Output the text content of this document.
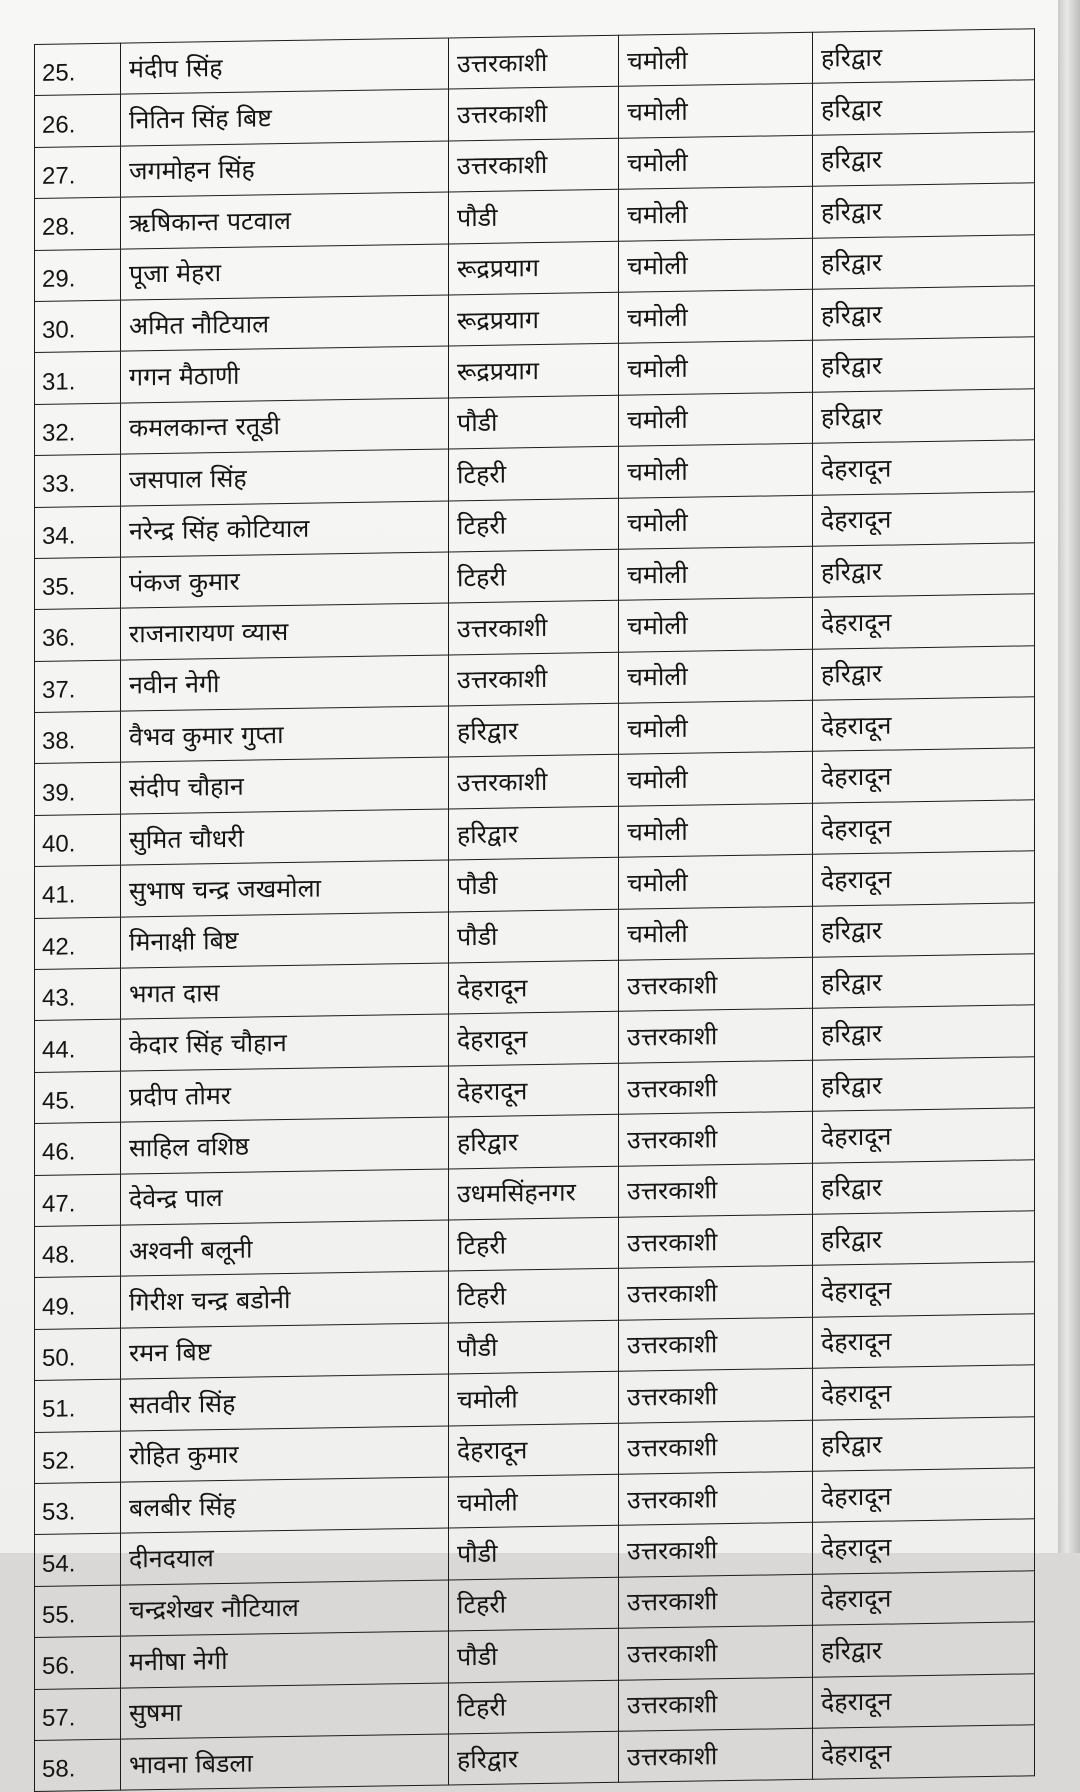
25.	मंदीप सिंह	उत्तरकाशी	चमोली	हरिद्वार
26.	नितिन सिंह बिष्ट	उत्तरकाशी	चमोली	हरिद्वार
27.	जगमोहन सिंह	उत्तरकाशी	चमोली	हरिद्वार
28.	ऋषिकान्त पटवाल	पौडी	चमोली	हरिद्वार
29.	पूजा मेहरा	रूद्रप्रयाग	चमोली	हरिद्वार
30.	अमित नौटियाल	रूद्रप्रयाग	चमोली	हरिद्वार
31.	गगन मैठाणी	रूद्रप्रयाग	चमोली	हरिद्वार
32.	कमलकान्त रतूडी	पौडी	चमोली	हरिद्वार
33.	जसपाल सिंह	टिहरी	चमोली	देहरादून
34.	नरेन्द्र सिंह कोटियाल	टिहरी	चमोली	देहरादून
35.	पंकज कुमार	टिहरी	चमोली	हरिद्वार
36.	राजनारायण व्यास	उत्तरकाशी	चमोली	देहरादून
37.	नवीन नेगी	उत्तरकाशी	चमोली	हरिद्वार
38.	वैभव कुमार गुप्ता	हरिद्वार	चमोली	देहरादून
39.	संदीप चौहान	उत्तरकाशी	चमोली	देहरादून
40.	सुमित चौधरी	हरिद्वार	चमोली	देहरादून
41.	सुभाष चन्द्र जखमोला	पौडी	चमोली	देहरादून
42.	मिनाक्षी बिष्ट	पौडी	चमोली	हरिद्वार
43.	भगत दास	देहरादून	उत्तरकाशी	हरिद्वार
44.	केदार सिंह चौहान	देहरादून	उत्तरकाशी	हरिद्वार
45.	प्रदीप तोमर	देहरादून	उत्तरकाशी	हरिद्वार
46.	साहिल वशिष्ठ	हरिद्वार	उत्तरकाशी	देहरादून
47.	देवेन्द्र पाल	उधमसिंहनगर	उत्तरकाशी	हरिद्वार
48.	अश्वनी बलूनी	टिहरी	उत्तरकाशी	हरिद्वार
49.	गिरीश चन्द्र बडोनी	टिहरी	उत्तरकाशी	देहरादून
50.	रमन बिष्ट	पौडी	उत्तरकाशी	देहरादून
51.	सतवीर सिंह	चमोली	उत्तरकाशी	देहरादून
52.	रोहित कुमार	देहरादून	उत्तरकाशी	हरिद्वार
53.	बलबीर सिंह	चमोली	उत्तरकाशी	देहरादून
54.	दीनदयाल	पौडी	उत्तरकाशी	देहरादून
55.	चन्द्रशेखर नौटियाल	टिहरी	उत्तरकाशी	देहरादून
56.	मनीषा नेगी	पौडी	उत्तरकाशी	हरिद्वार
57.	सुषमा	टिहरी	उत्तरकाशी	देहरादून
58.	भावना बिडला	हरिद्वार	उत्तरकाशी	देहरादून
